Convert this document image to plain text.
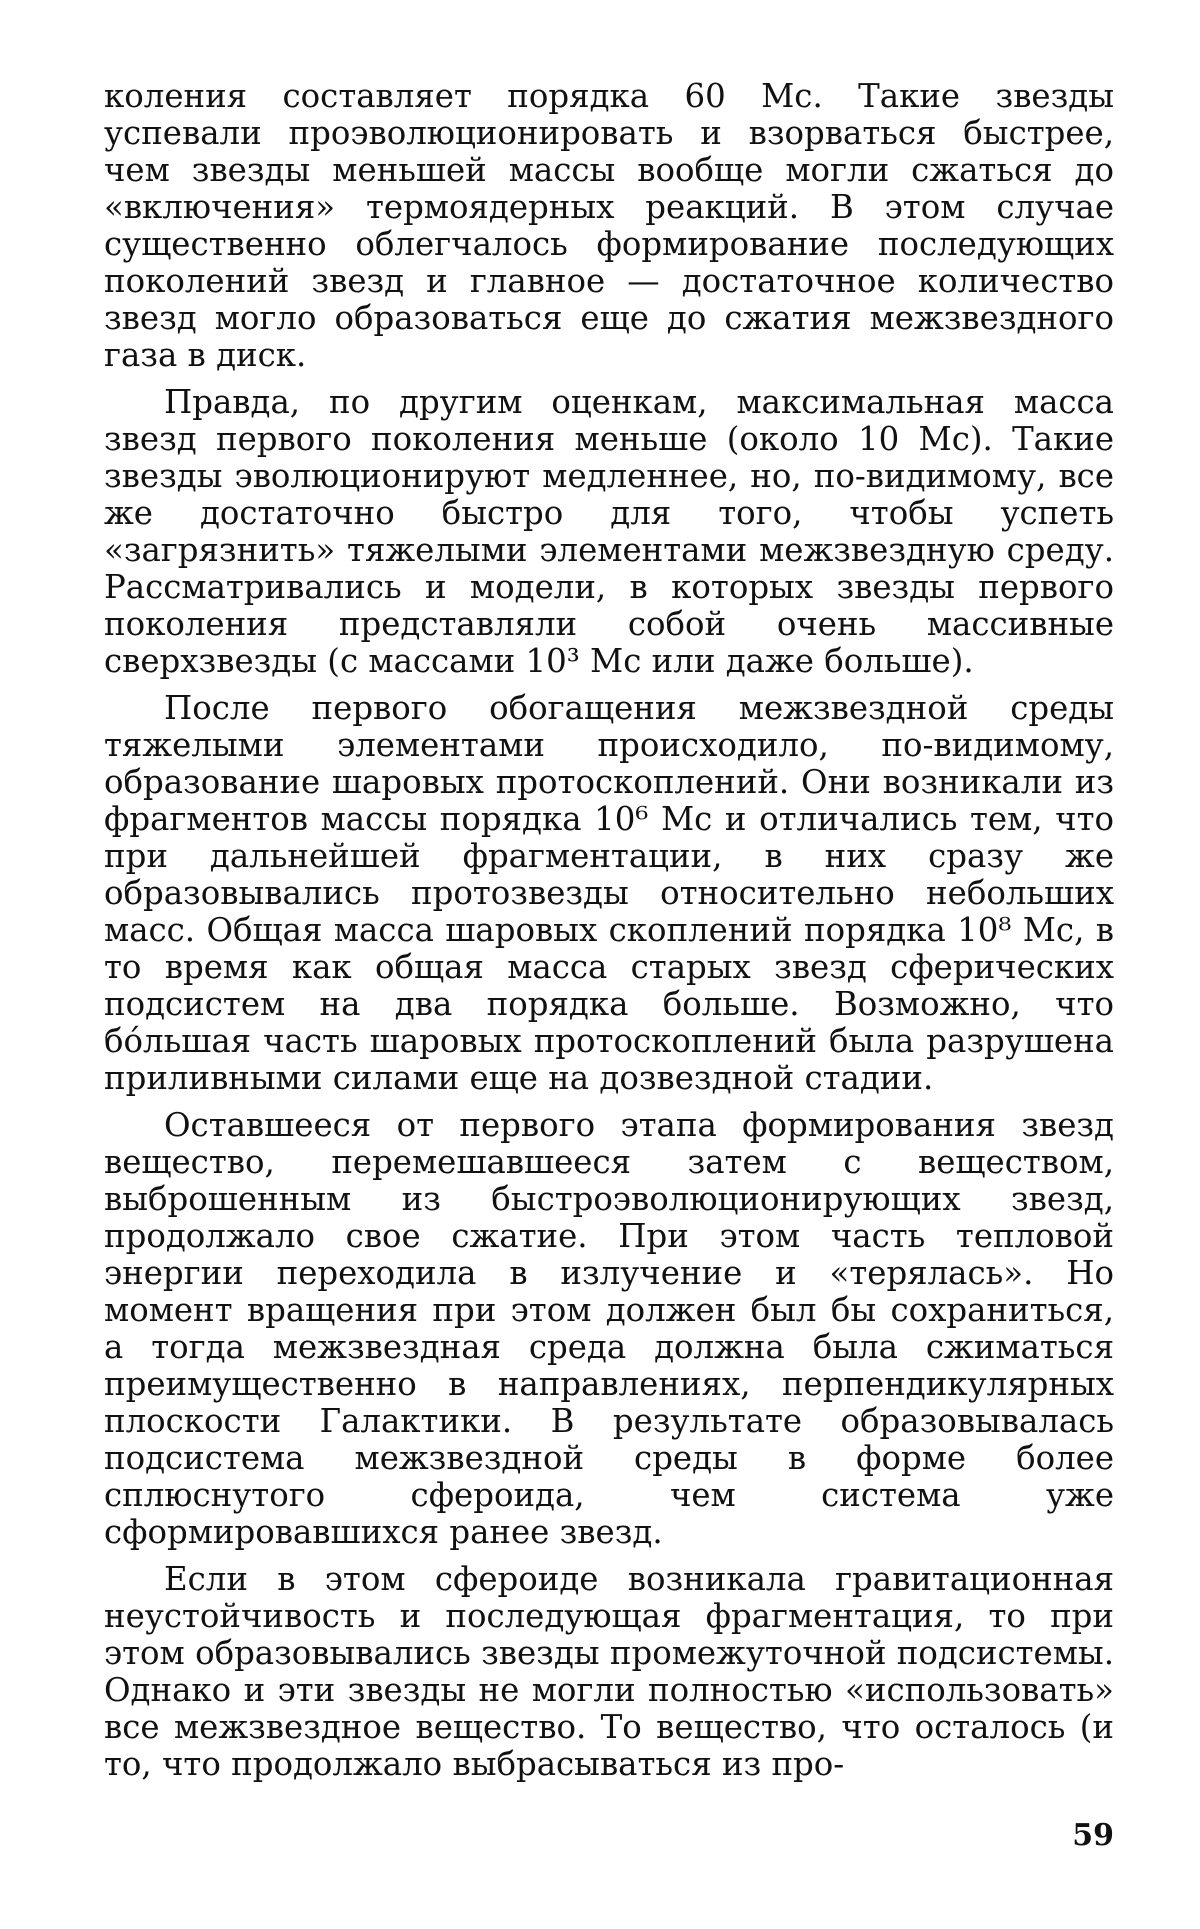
коления составляет порядка 60 Mc. Такие звезды успевали проэволюционировать и взорваться быстрее, чем звезды меньшей массы вообще могли сжаться до «включения» термоядерных реакций. В этом случае существенно облегчалось формирование последующих поколений звезд и главное — достаточное количество звезд могло образоваться еще до сжатия межзвездного газа в диск.

Правда, по другим оценкам, максимальная масса звезд первого поколения меньше (около 10 Mc). Такие звезды эволюционируют медленнее, но, по-видимому, все же достаточно быстро для того, чтобы успеть «загрязнить» тяжелыми элементами межзвездную среду. Рассматривались и модели, в которых звезды первого поколения представляли собой очень массивные сверхзвезды (с массами 10³ Mc или даже больше).

После первого обогащения межзвездной среды тяжелыми элементами происходило, по-видимому, образование шаровых протоскоплений. Они возникали из фрагментов массы порядка 10⁶ Mc и отличались тем, что при дальнейшей фрагментации, в них сразу же образовывались протозвезды относительно небольших масс. Общая масса шаровых скоплений порядка 10⁸ Mc, в то время как общая масса старых звезд сферических подсистем на два порядка больше. Возможно, что бóльшая часть шаровых протоскоплений была разрушена приливными силами еще на дозвездной стадии.

Оставшееся от первого этапа формирования звезд вещество, перемешавшееся затем с веществом, выброшенным из быстроэволюционирующих звезд, продолжало свое сжатие. При этом часть тепловой энергии переходила в излучение и «терялась». Но момент вращения при этом должен был бы сохраниться, а тогда межзвездная среда должна была сжиматься преимущественно в направлениях, перпендикулярных плоскости Галактики. В результате образовывалась подсистема межзвездной среды в форме более сплюснутого сфероида, чем система уже сформировавшихся ранее звезд.

Если в этом сфероиде возникала гравитационная неустойчивость и последующая фрагментация, то при этом образовывались звезды промежуточной подсистемы. Однако и эти звезды не могли полностью «использовать» все межзвездное вещество. То вещество, что осталось (и то, что продолжало выбрасываться из про-

59
